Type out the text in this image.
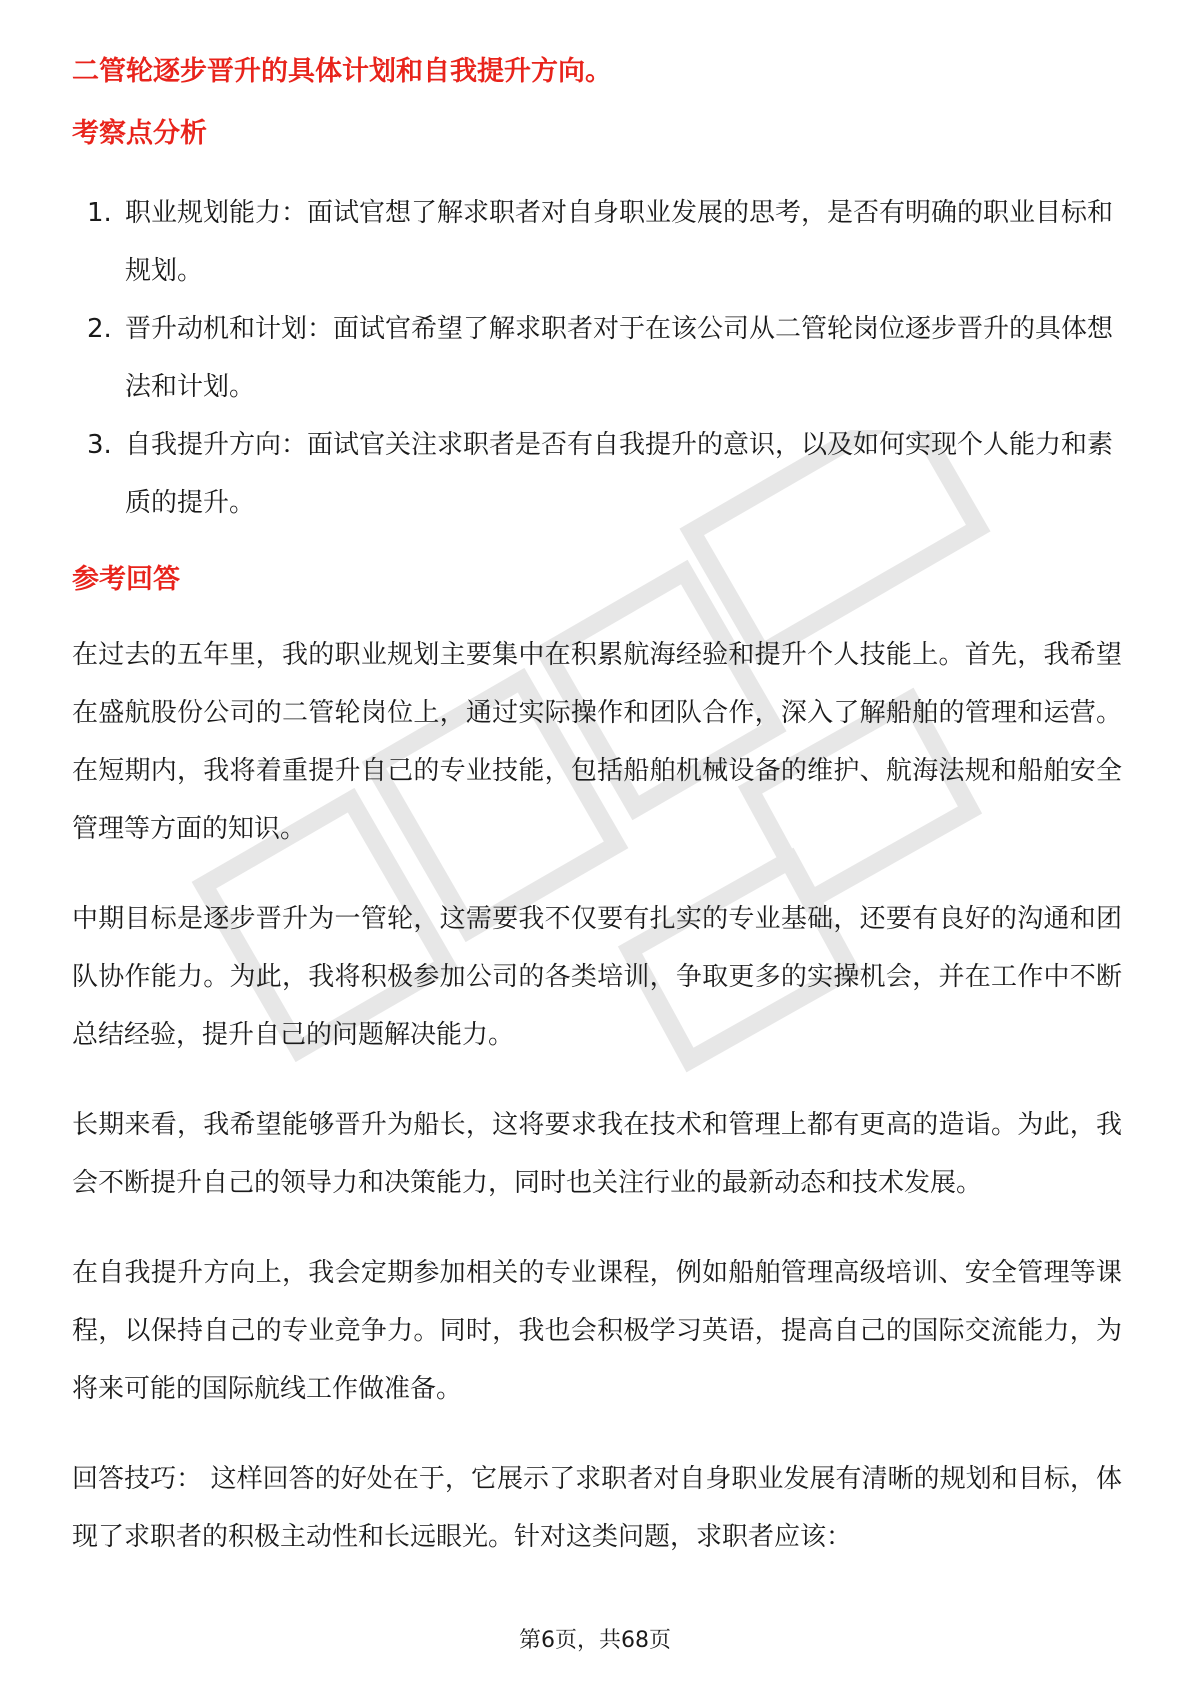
二管轮逐步晋升的具体计划和自我提升方向。

考察点分析

1. 职业规划能力：面试官想了解求职者对自身职业发展的思考，是否有明确的职业目标和规划。
2. 晋升动机和计划：面试官希望了解求职者对于在该公司从二管轮岗位逐步晋升的具体想法和计划。
3. 自我提升方向：面试官关注求职者是否有自我提升的意识，以及如何实现个人能力和素质的提升。

参考回答

在过去的五年里，我的职业规划主要集中在积累航海经验和提升个人技能上。首先，我希望在盛航股份公司的二管轮岗位上，通过实际操作和团队合作，深入了解船舶的管理和运营。在短期内，我将着重提升自己的专业技能，包括船舶机械设备的维护、航海法规和船舶安全管理等方面的知识。

中期目标是逐步晋升为一管轮，这需要我不仅要有扎实的专业基础，还要有良好的沟通和团队协作能力。为此，我将积极参加公司的各类培训，争取更多的实操机会，并在工作中不断总结经验，提升自己的问题解决能力。

长期来看，我希望能够晋升为船长，这将要求我在技术和管理上都有更高的造诣。为此，我会不断提升自己的领导力和决策能力，同时也关注行业的最新动态和技术发展。

在自我提升方向上，我会定期参加相关的专业课程，例如船舶管理高级培训、安全管理等课程，以保持自己的专业竞争力。同时，我也会积极学习英语，提高自己的国际交流能力，为将来可能的国际航线工作做准备。

回答技巧： 这样回答的好处在于，它展示了求职者对自身职业发展有清晰的规划和目标，体现了求职者的积极主动性和长远眼光。针对这类问题，求职者应该：

第6页，共68页
